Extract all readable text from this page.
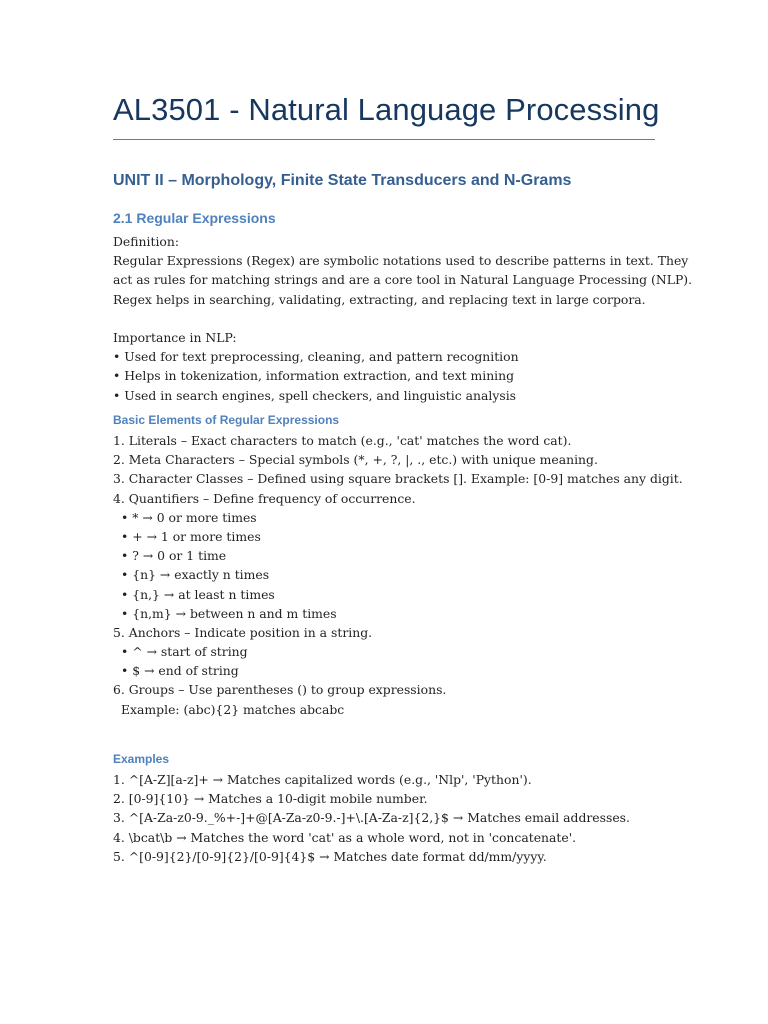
AL3501 - Natural Language Processing
UNIT II – Morphology, Finite State Transducers and N-Grams
2.1 Regular Expressions
Definition:
Regular Expressions (Regex) are symbolic notations used to describe patterns in text. They
act as rules for matching strings and are a core tool in Natural Language Processing (NLP).
Regex helps in searching, validating, extracting, and replacing text in large corpora.
Importance in NLP:
• Used for text preprocessing, cleaning, and pattern recognition
• Helps in tokenization, information extraction, and text mining
• Used in search engines, spell checkers, and linguistic analysis
Basic Elements of Regular Expressions
1. Literals – Exact characters to match (e.g., 'cat' matches the word cat).
2. Meta Characters – Special symbols (*, +, ?, |, ., etc.) with unique meaning.
3. Character Classes – Defined using square brackets []. Example: [0-9] matches any digit.
4. Quantifiers – Define frequency of occurrence.
• * → 0 or more times
• + → 1 or more times
• ? → 0 or 1 time
• {n} → exactly n times
• {n,} → at least n times
• {n,m} → between n and m times
5. Anchors – Indicate position in a string.
• ^ → start of string
• $ → end of string
6. Groups – Use parentheses () to group expressions.
Example: (abc){2} matches abcabc
Examples
1. ^[A-Z][a-z]+ → Matches capitalized words (e.g., 'Nlp', 'Python').
2. [0-9]{10} → Matches a 10-digit mobile number.
3. ^[A-Za-z0-9._%+-]+@[A-Za-z0-9.-]+\.[A-Za-z]{2,}$ → Matches email addresses.
4. \bcat\b → Matches the word 'cat' as a whole word, not in 'concatenate'.
5. ^[0-9]{2}/[0-9]{2}/[0-9]{4}$ → Matches date format dd/mm/yyyy.
